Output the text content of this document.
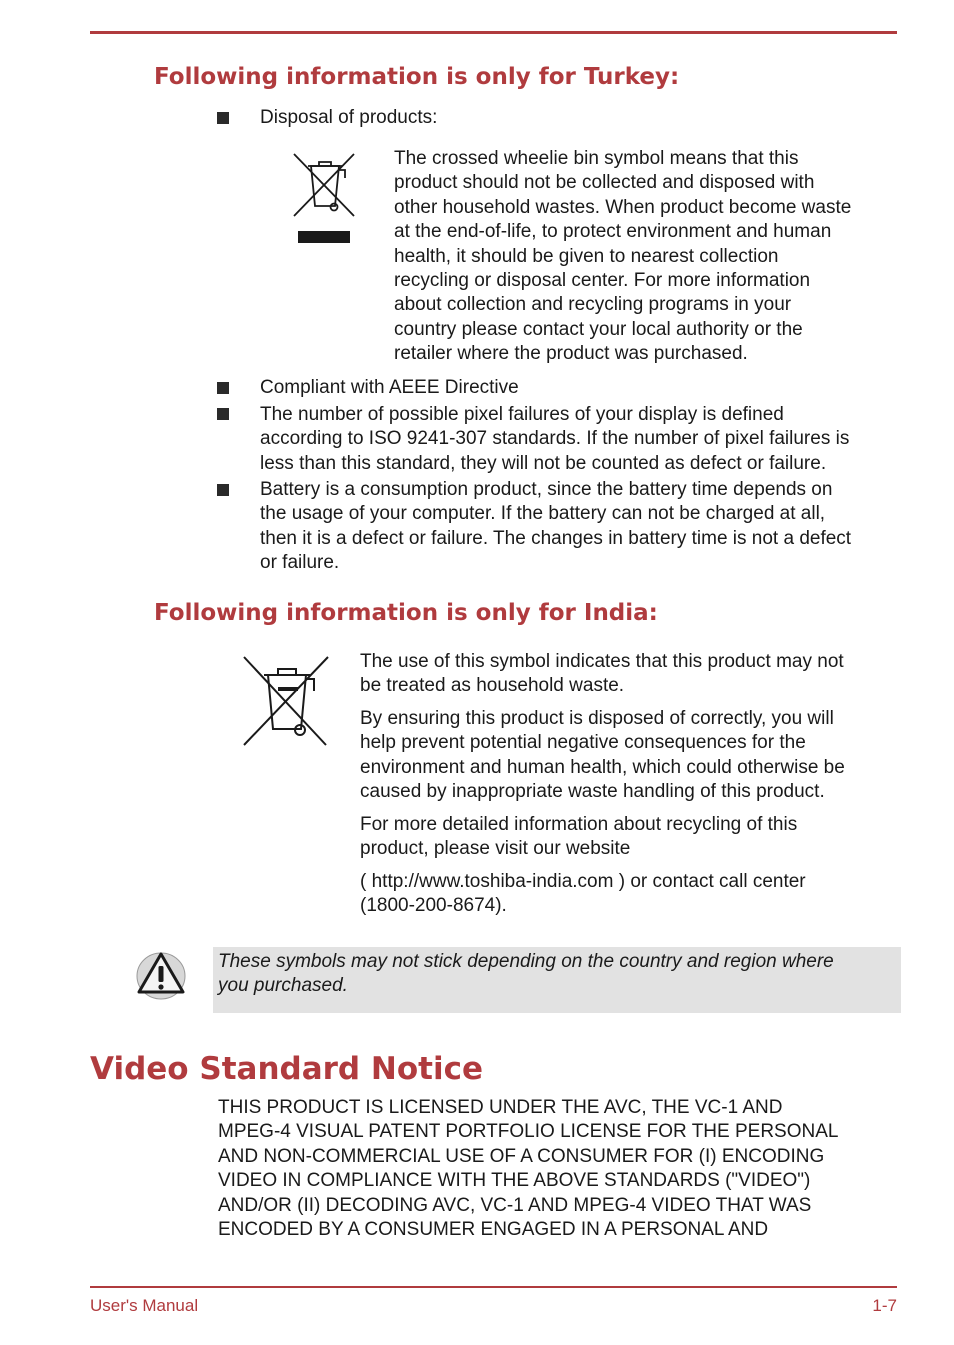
Following information is only for Turkey:

Disposal of products:

The crossed wheelie bin symbol means that this
product should not be collected and disposed with
other household wastes. When product become waste
at the end-of-life, to protect environment and human
health, it should be given to nearest collection
recycling or disposal center. For more information
about collection and recycling programs in your
country please contact your local authority or the
retailer where the product was purchased.

Compliant with AEEE Directive

The number of possible pixel failures of your display is defined
according to ISO 9241-307 standards. If the number of pixel failures is
less than this standard, they will not be counted as defect or failure.
Battery is a consumption product, since the battery time depends on
the usage of your computer. If the battery can not be charged at all,
then it is a defect or failure. The changes in battery time is not a defect
or failure.
Following information is only for India:
The use of this symbol indicates that this product may not
be treated as household waste.
By ensuring this product is disposed of correctly, you will
help prevent potential negative consequences for the
environment and human health, which could otherwise be
caused by inappropriate waste handling of this product.
For more detailed information about recycling of this
product, please visit our website
( http://www.toshiba-india.com ) or contact call center
(1800-200-8674).
These symbols may not stick depending on the country and region where
you purchased.
Video Standard Notice
THIS PRODUCT IS LICENSED UNDER THE AVC, THE VC-1 AND
MPEG-4 VISUAL PATENT PORTFOLIO LICENSE FOR THE PERSONAL
AND NON-COMMERCIAL USE OF A CONSUMER FOR (I) ENCODING
VIDEO IN COMPLIANCE WITH THE ABOVE STANDARDS ("VIDEO")
AND/OR (II) DECODING AVC, VC-1 AND MPEG-4 VIDEO THAT WAS
ENCODED BY A CONSUMER ENGAGED IN A PERSONAL AND
User's Manual	1-7
